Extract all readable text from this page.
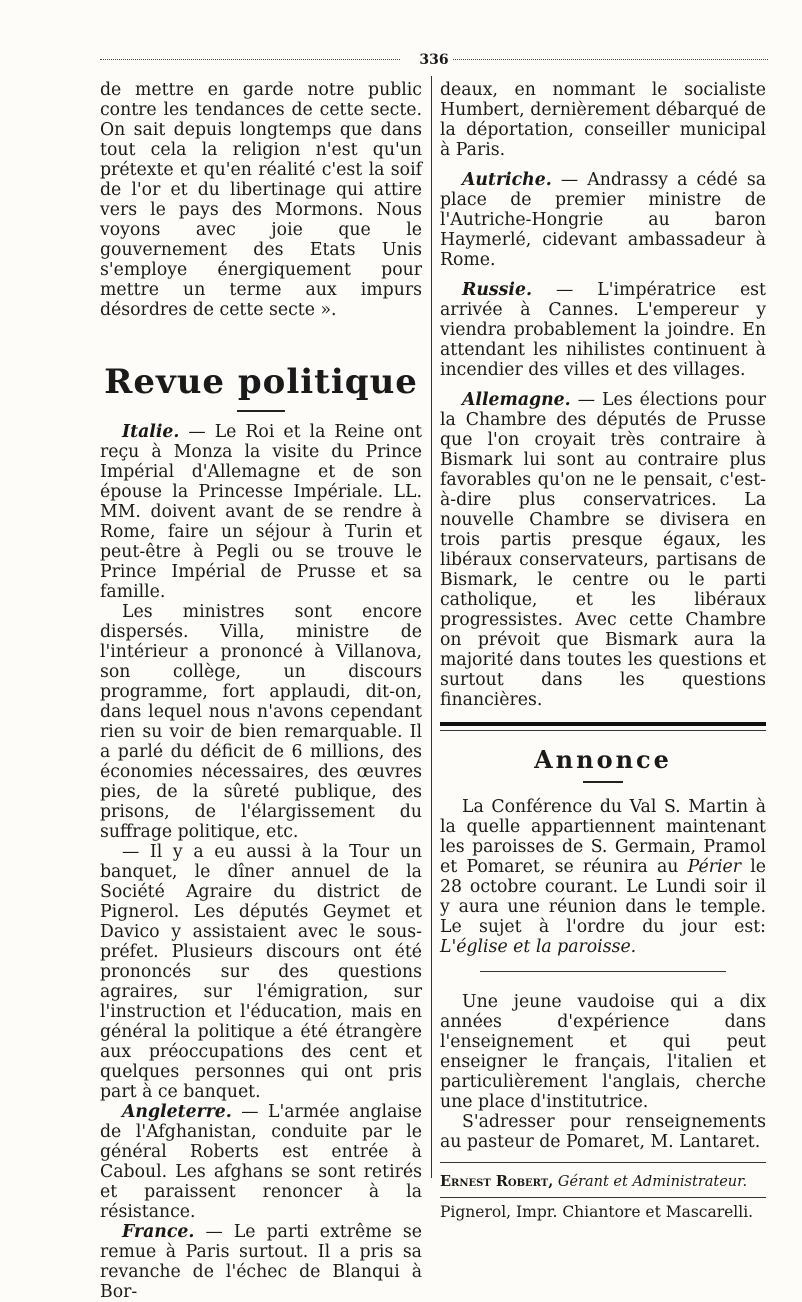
336

de mettre en garde notre public contre les tendances de cette secte. On sait depuis longtemps que dans tout cela la religion n'est qu'un prétexte et qu'en réalité c'est la soif de l'or et du libertinage qui attire vers le pays des Mormons. Nous voyons avec joie que le gouvernement des Etats Unis s'employe énergiquement pour mettre un terme aux impurs désordres de cette secte ».

Revue politique

Italie. — Le Roi et la Reine ont reçu à Monza la visite du Prince Impérial d'Allemagne et de son épouse la Princesse Impériale. LL. MM. doivent avant de se rendre à Rome, faire un séjour à Turin et peut-être à Pegli ou se trouve le Prince Impérial de Prusse et sa famille.

Les ministres sont encore dispersés. Villa, ministre de l'intérieur a prononcé à Villanova, son collège, un discours programme, fort applaudi, dit-on, dans lequel nous n'avons cependant rien su voir de bien remarquable. Il a parlé du déficit de 6 millions, des économies nécessaires, des œuvres pies, de la sûreté publique, des prisons, de l'élargissement du suffrage politique, etc.

— Il y a eu aussi à la Tour un banquet, le dîner annuel de la Société Agraire du district de Pignerol. Les députés Geymet et Davico y assistaient avec le sous-préfet. Plusieurs discours ont été prononcés sur des questions agraires, sur l'émigration, sur l'instruction et l'éducation, mais en général la politique a été étrangère aux préoccupations des cent et quelques personnes qui ont pris part à ce banquet.

Angleterre. — L'armée anglaise de l'Afghanistan, conduite par le général Roberts est entrée à Caboul. Les afghans se sont retirés et paraissent renoncer à la résistance.

France. — Le parti extrême se remue à Paris surtout. Il a pris sa revanche de l'échec de Blanqui à Bor-

deaux, en nommant le socialiste Humbert, dernièrement débarqué de la déportation, conseiller municipal à Paris.

Autriche. — Andrassy a cédé sa place de premier ministre de l'Autriche-Hongrie au baron Haymerlé, cidevant ambassadeur à Rome.

Russie. — L'impératrice est arrivée à Cannes. L'empereur y viendra probablement la joindre. En attendant les nihilistes continuent à incendier des villes et des villages.

Allemagne. — Les élections pour la Chambre des députés de Prusse que l'on croyait très contraire à Bismark lui sont au contraire plus favorables qu'on ne le pensait, c'est-à-dire plus conservatrices. La nouvelle Chambre se divisera en trois partis presque égaux, les libéraux conservateurs, partisans de Bismark, le centre ou le parti catholique, et les libéraux progressistes. Avec cette Chambre on prévoit que Bismark aura la majorité dans toutes les questions et surtout dans les questions financières.

Annonce

La Conférence du Val S. Martin à la quelle appartiennent maintenant les paroisses de S. Germain, Pramol et Pomaret, se réunira au Périer le 28 octobre courant. Le Lundi soir il y aura une réunion dans le temple. Le sujet à l'ordre du jour est: L'église et la paroisse.

Une jeune vaudoise qui a dix années d'expérience dans l'enseignement et qui peut enseigner le français, l'italien et particulièrement l'anglais, cherche une place d'institutrice.

S'adresser pour renseignements au pasteur de Pomaret, M. Lantaret.

Ernest Robert, Gérant et Administrateur.
Pignerol, Impr. Chiantore et Mascarelli.
